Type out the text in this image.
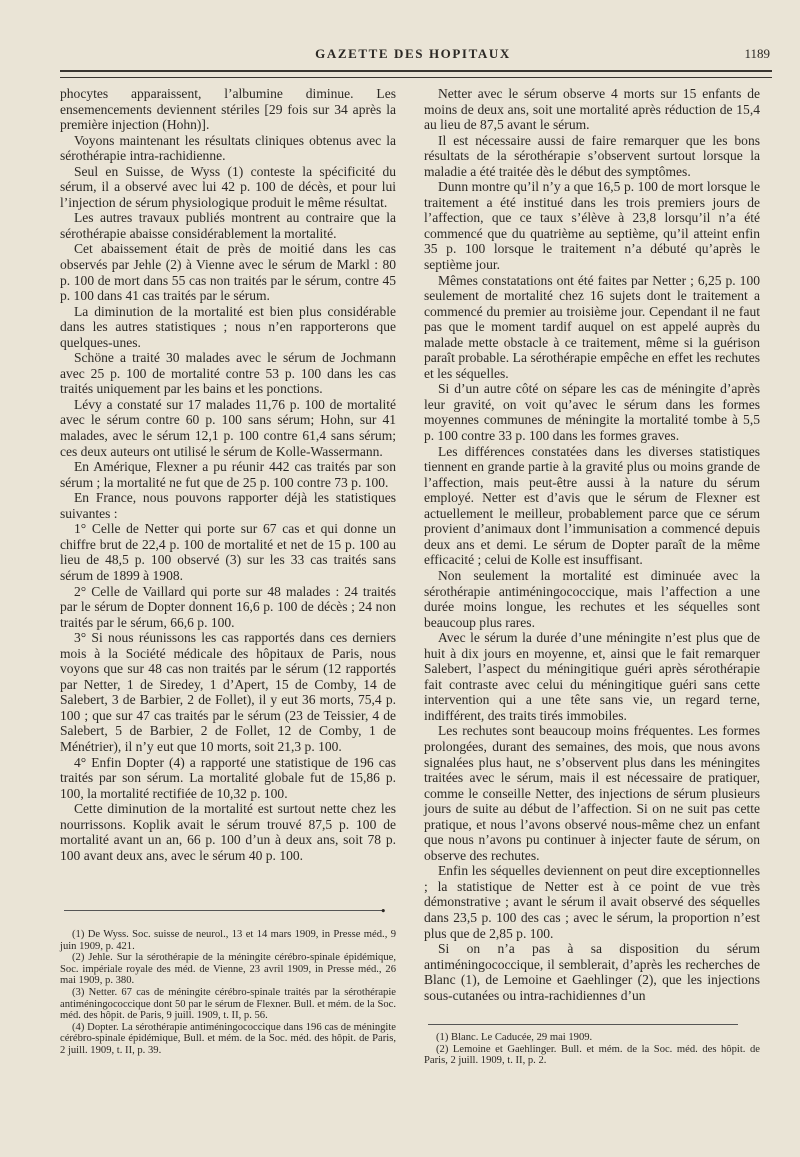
GAZETTE DES HOPITAUX	1189

phocytes apparaissent, l’albumine diminue. Les ensemencements deviennent stériles [29 fois sur 34 après la première injection (Hohn)].

Voyons maintenant les résultats cliniques obtenus avec la sérothérapie intra-rachidienne.

Seul en Suisse, de Wyss (1) conteste la spécificité du sérum, il a observé avec lui 42 p. 100 de décès, et pour lui l’injection de sérum physiologique produit le même résultat.

Les autres travaux publiés montrent au contraire que la sérothérapie abaisse considérablement la mortalité.

Cet abaissement était de près de moitié dans les cas observés par Jehle (2) à Vienne avec le sérum de Markl : 80 p. 100 de mort dans 55 cas non traités par le sérum, contre 45 p. 100 dans 41 cas traités par le sérum.

La diminution de la mortalité est bien plus considérable dans les autres statistiques ; nous n’en rapporterons que quelques-unes.

Schöne a traité 30 malades avec le sérum de Jochmann avec 25 p. 100 de mortalité contre 53 p. 100 dans les cas traités uniquement par les bains et les ponctions.

Lévy a constaté sur 17 malades 11,76 p. 100 de mortalité avec le sérum contre 60 p. 100 sans sérum; Hohn, sur 41 malades, avec le sérum 12,1 p. 100 contre 61,4 sans sérum; ces deux auteurs ont utilisé le sérum de Kolle-Wassermann.

En Amérique, Flexner a pu réunir 442 cas traités par son sérum ; la mortalité ne fut que de 25 p. 100 contre 73 p. 100.

En France, nous pouvons rapporter déjà les statistiques suivantes :

1° Celle de Netter qui porte sur 67 cas et qui donne un chiffre brut de 22,4 p. 100 de mortalité et net de 15 p. 100 au lieu de 48,5 p. 100 observé (3) sur les 33 cas traités sans sérum de 1899 à 1908.

2° Celle de Vaillard qui porte sur 48 malades : 24 traités par le sérum de Dopter donnent 16,6 p. 100 de décès ; 24 non traités par le sérum, 66,6 p. 100.

3° Si nous réunissons les cas rapportés dans ces derniers mois à la Société médicale des hôpitaux de Paris, nous voyons que sur 48 cas non traités par le sérum (12 rapportés par Netter, 1 de Siredey, 1 d’Apert, 15 de Comby, 14 de Salebert, 3 de Barbier, 2 de Follet), il y eut 36 morts, 75,4 p. 100 ; que sur 47 cas traités par le sérum (23 de Teissier, 4 de Salebert, 5 de Barbier, 2 de Follet, 12 de Comby, 1 de Ménétrier), il n’y eut que 10 morts, soit 21,3 p. 100.

4° Enfin Dopter (4) a rapporté une statistique de 196 cas traités par son sérum. La mortalité globale fut de 15,86 p. 100, la mortalité rectifiée de 10,32 p. 100.

Cette diminution de la mortalité est surtout nette chez les nourrissons. Koplik avait le sérum trouvé 87,5 p. 100 de mortalité avant un an, 66 p. 100 d’un à deux ans, soit 78 p. 100 avant deux ans, avec le sérum 40 p. 100.

•

(1) De Wyss. Soc. suisse de neurol., 13 et 14 mars 1909, in Presse méd., 9 juin 1909, p. 421.

(2) Jehle. Sur la sérothérapie de la méningite cérébro-spinale épidémique, Soc. impériale royale des méd. de Vienne, 23 avril 1909, in Presse méd., 26 mai 1909, p. 380.

(3) Netter. 67 cas de méningite cérébro-spinale traités par la sérothérapie antiméningococcique dont 50 par le sérum de Flexner. Bull. et mém. de la Soc. méd. des hôpit. de Paris, 9 juill. 1909, t. II, p. 56.

(4) Dopter. La sérothérapie antiméningococcique dans 196 cas de méningite cérébro-spinale épidémique, Bull. et mém. de la Soc. méd. des hôpit. de Paris, 2 juill. 1909, t. II, p. 39.

Netter avec le sérum observe 4 morts sur 15 enfants de moins de deux ans, soit une mortalité après réduction de 15,4 au lieu de 87,5 avant le sérum.

Il est nécessaire aussi de faire remarquer que les bons résultats de la sérothérapie s’observent surtout lorsque la maladie a été traitée dès le début des symptômes.

Dunn montre qu’il n’y a que 16,5 p. 100 de mort lorsque le traitement a été institué dans les trois premiers jours de l’affection, que ce taux s’élève à 23,8 lorsqu’il n’a été commencé que du quatrième au septième, qu’il atteint enfin 35 p. 100 lorsque le traitement n’a débuté qu’après le septième jour.

Mêmes constatations ont été faites par Netter ; 6,25 p. 100 seulement de mortalité chez 16 sujets dont le traitement a commencé du premier au troisième jour. Cependant il ne faut pas que le moment tardif auquel on est appelé auprès du malade mette obstacle à ce traitement, même si la guérison paraît probable. La sérothérapie empêche en effet les rechutes et les séquelles.

Si d’un autre côté on sépare les cas de méningite d’après leur gravité, on voit qu’avec le sérum dans les formes moyennes communes de méningite la mortalité tombe à 5,5 p. 100 contre 33 p. 100 dans les formes graves.

Les différences constatées dans les diverses statistiques tiennent en grande partie à la gravité plus ou moins grande de l’affection, mais peut-être aussi à la nature du sérum employé. Netter est d’avis que le sérum de Flexner est actuellement le meilleur, probablement parce que ce sérum provient d’animaux dont l’immunisation a commencé depuis deux ans et demi. Le sérum de Dopter paraît de la même efficacité ; celui de Kolle est insuffisant.

Non seulement la mortalité est diminuée avec la sérothérapie antiméningococcique, mais l’affection a une durée moins longue, les rechutes et les séquelles sont beaucoup plus rares.

Avec le sérum la durée d’une méningite n’est plus que de huit à dix jours en moyenne, et, ainsi que le fait remarquer Salebert, l’aspect du méningitique guéri après sérothérapie fait contraste avec celui du méningitique guéri sans cette intervention qui a une tête sans vie, un regard terne, indifférent, des traits tirés immobiles.

Les rechutes sont beaucoup moins fréquentes. Les formes prolongées, durant des semaines, des mois, que nous avons signalées plus haut, ne s’observent plus dans les méningites traitées avec le sérum, mais il est nécessaire de pratiquer, comme le conseille Netter, des injections de sérum plusieurs jours de suite au début de l’affection. Si on ne suit pas cette pratique, et nous l’avons observé nous-même chez un enfant que nous n’avons pu continuer à injecter faute de sérum, on observe des rechutes.

Enfin les séquelles deviennent on peut dire exceptionnelles ; la statistique de Netter est à ce point de vue très démonstrative ; avant le sérum il avait observé des séquelles dans 23,5 p. 100 des cas ; avec le sérum, la proportion n’est plus que de 2,85 p. 100.

Si on n’a pas à sa disposition du sérum antiméningococcique, il semblerait, d’après les recherches de Blanc (1), de Lemoine et Gaehlinger (2), que les injections sous-cutanées ou intra-rachidiennes d’un

(1) Blanc. Le Caducée, 29 mai 1909.

(2) Lemoine et Gaehlinger. Bull. et mém. de la Soc. méd. des hôpit. de Paris, 2 juill. 1909, t. II, p. 2.
